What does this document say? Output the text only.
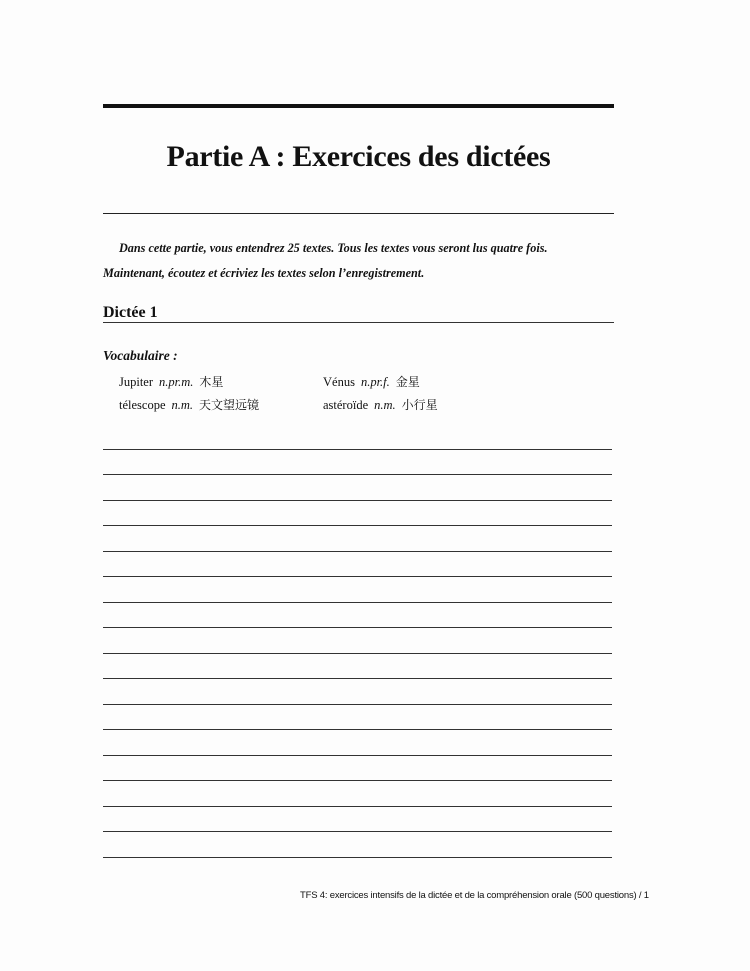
Partie A : Exercices des dictées
Dans cette partie, vous entendrez 25 textes. Tous les textes vous seront lus quatre fois.
Maintenant, écoutez et écriviez les textes selon l’enregistrement.
Dictée 1
Vocabulaire :
Jupiter n.pr.m. 木星	Vénus n.pr.f. 金星
télescope n.m. 天文望远镜	astéroïde n.m. 小行星
TFS 4: exercices intensifs de la dictée et de la compréhension orale (500 questions) / 1
